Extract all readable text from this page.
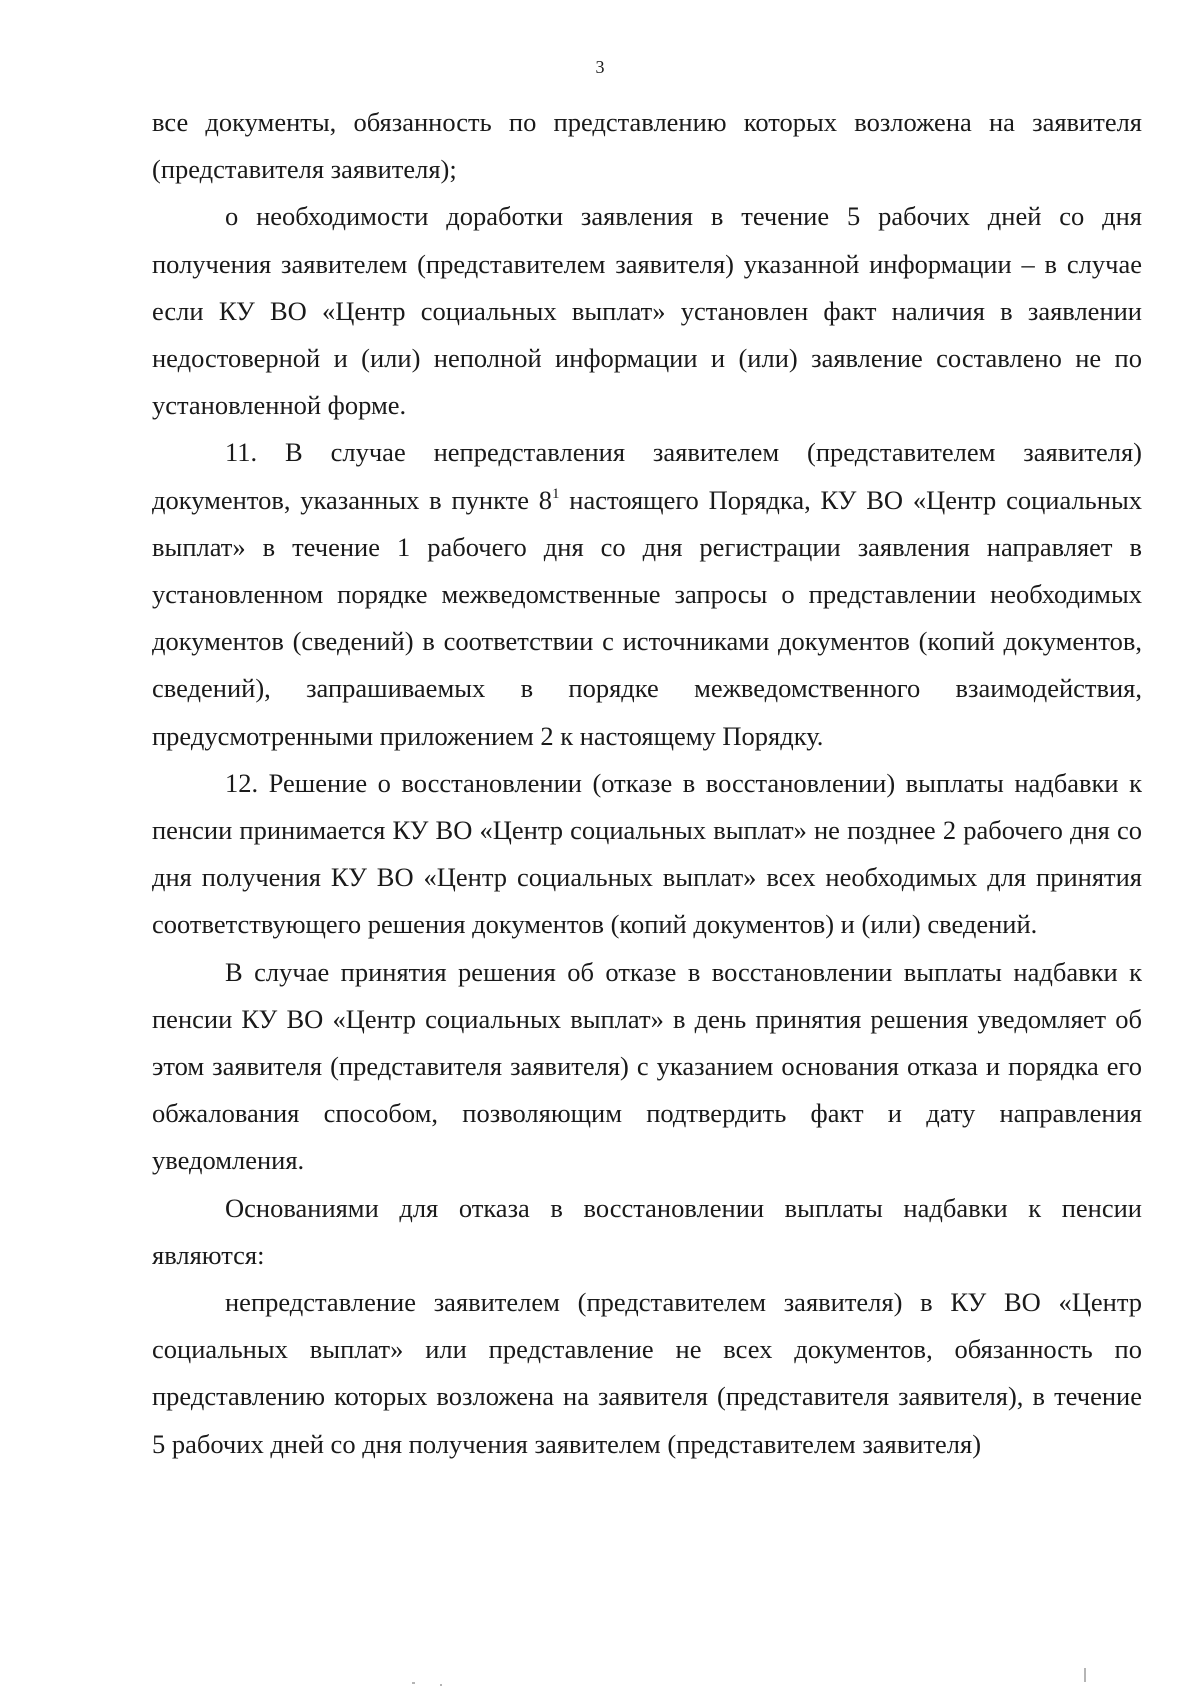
3

все документы, обязанность по представлению которых возложена на заявителя (представителя заявителя);

о необходимости доработки заявления в течение 5 рабочих дней со дня получения заявителем (представителем заявителя) указанной информации – в случае если КУ ВО «Центр социальных выплат» установлен факт наличия в заявлении недостоверной и (или) неполной информации и (или) заявление составлено не по установленной форме.

11. В случае непредставления заявителем (представителем заявителя) документов, указанных в пункте $8^1$ настоящего Порядка, КУ ВО «Центр социальных выплат» в течение 1 рабочего дня со дня регистрации заявления направляет в установленном порядке межведомственные запросы о представлении необходимых документов (сведений) в соответствии с источниками документов (копий документов, сведений), запрашиваемых в порядке межведомственного взаимодействия, предусмотренными приложением 2 к настоящему Порядку.

12. Решение о восстановлении (отказе в восстановлении) выплаты надбавки к пенсии принимается КУ ВО «Центр социальных выплат» не позднее 2 рабочего дня со дня получения КУ ВО «Центр социальных выплат» всех необходимых для принятия соответствующего решения документов (копий документов) и (или) сведений.

В случае принятия решения об отказе в восстановлении выплаты надбавки к пенсии КУ ВО «Центр социальных выплат» в день принятия решения уведомляет об этом заявителя (представителя заявителя) с указанием основания отказа и порядка его обжалования способом, позволяющим подтвердить факт и дату направления уведомления.

Основаниями для отказа в восстановлении выплаты надбавки к пенсии являются:

непредставление заявителем (представителем заявителя) в КУ ВО «Центр социальных выплат» или представление не всех документов, обязанность по представлению которых возложена на заявителя (представителя заявителя), в течение 5 рабочих дней со дня получения заявителем (представителем заявителя)
